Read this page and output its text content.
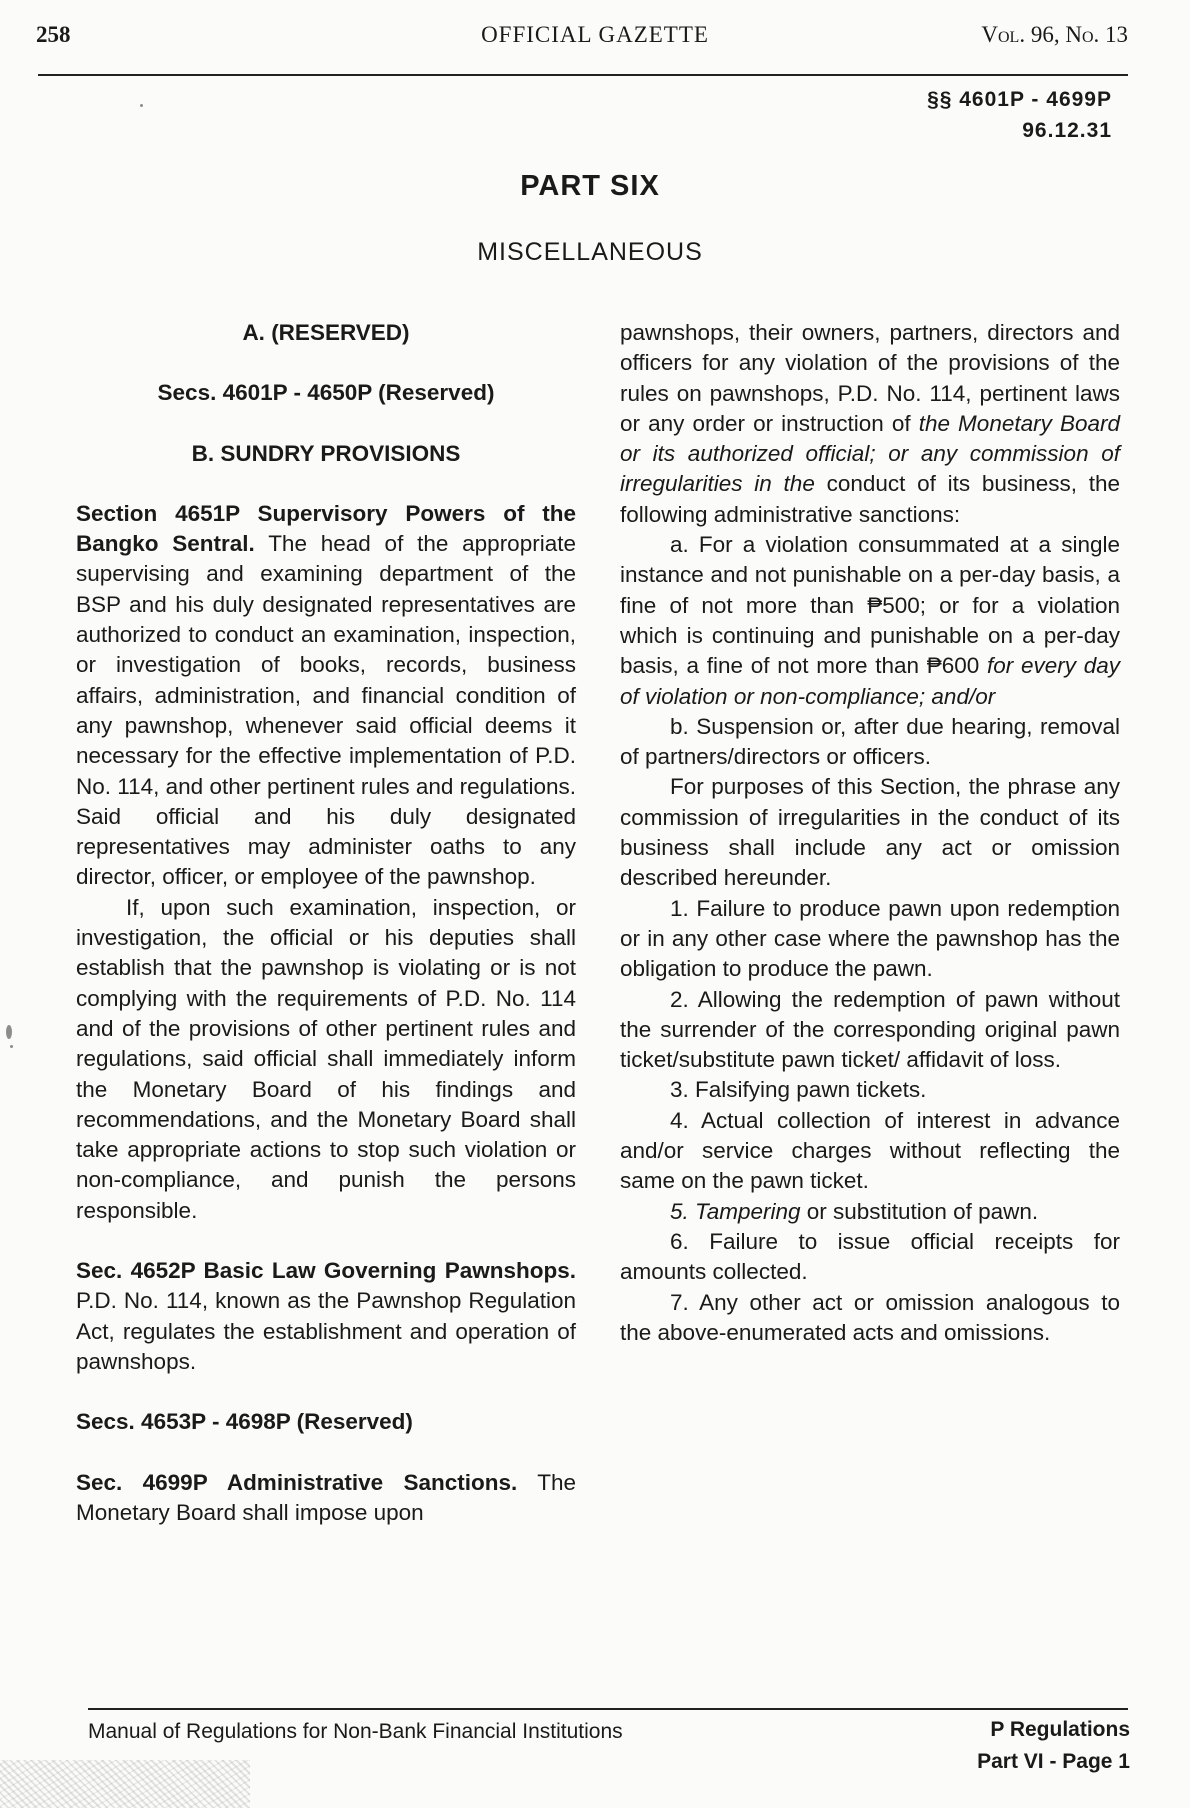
258	OFFICIAL GAZETTE	Vol. 96, No. 13
§§ 4601P - 4699P
96.12.31
PART SIX
MISCELLANEOUS

A. (RESERVED)

Secs. 4601P - 4650P (Reserved)

B. SUNDRY PROVISIONS

Section 4651P Supervisory Powers of the Bangko Sentral. The head of the appropriate supervising and examining department of the BSP and his duly designated representatives are authorized to conduct an examination, inspection, or investigation of books, records, business affairs, administration, and financial condition of any pawnshop, whenever said official deems it necessary for the effective implementation of P.D. No. 114, and other pertinent rules and regulations. Said official and his duly designated representatives may administer oaths to any director, officer, or employee of the pawnshop.

If, upon such examination, inspection, or investigation, the official or his deputies shall establish that the pawnshop is violating or is not complying with the requirements of P.D. No. 114 and of the provisions of other pertinent rules and regulations, said official shall immediately inform the Monetary Board of his findings and recommendations, and the Monetary Board shall take appropriate actions to stop such violation or non-compliance, and punish the persons responsible.

Sec. 4652P Basic Law Governing Pawnshops. P.D. No. 114, known as the Pawnshop Regulation Act, regulates the establishment and operation of pawnshops.

Secs. 4653P - 4698P (Reserved)

Sec. 4699P Administrative Sanctions. The Monetary Board shall impose upon

pawnshops, their owners, partners, directors and officers for any violation of the provisions of the rules on pawnshops, P.D. No. 114, pertinent laws or any order or instruction of the Monetary Board or its authorized official; or any commission of irregularities in the conduct of its business, the following administrative sanctions:

a. For a violation consummated at a single instance and not punishable on a per-day basis, a fine of not more than ₱500; or for a violation which is continuing and punishable on a per-day basis, a fine of not more than ₱600 for every day of violation or non-compliance; and/or

b. Suspension or, after due hearing, removal of partners/directors or officers.

For purposes of this Section, the phrase any commission of irregularities in the conduct of its business shall include any act or omission described hereunder.

1. Failure to produce pawn upon redemption or in any other case where the pawnshop has the obligation to produce the pawn.

2. Allowing the redemption of pawn without the surrender of the corresponding original pawn ticket/substitute pawn ticket/ affidavit of loss.

3. Falsifying pawn tickets.

4. Actual collection of interest in advance and/or service charges without reflecting the same on the pawn ticket.

5. Tampering or substitution of pawn.

6. Failure to issue official receipts for amounts collected.

7. Any other act or omission analogous to the above-enumerated acts and omissions.

Manual of Regulations for Non-Bank Financial Institutions	P Regulations
Part VI - Page 1
